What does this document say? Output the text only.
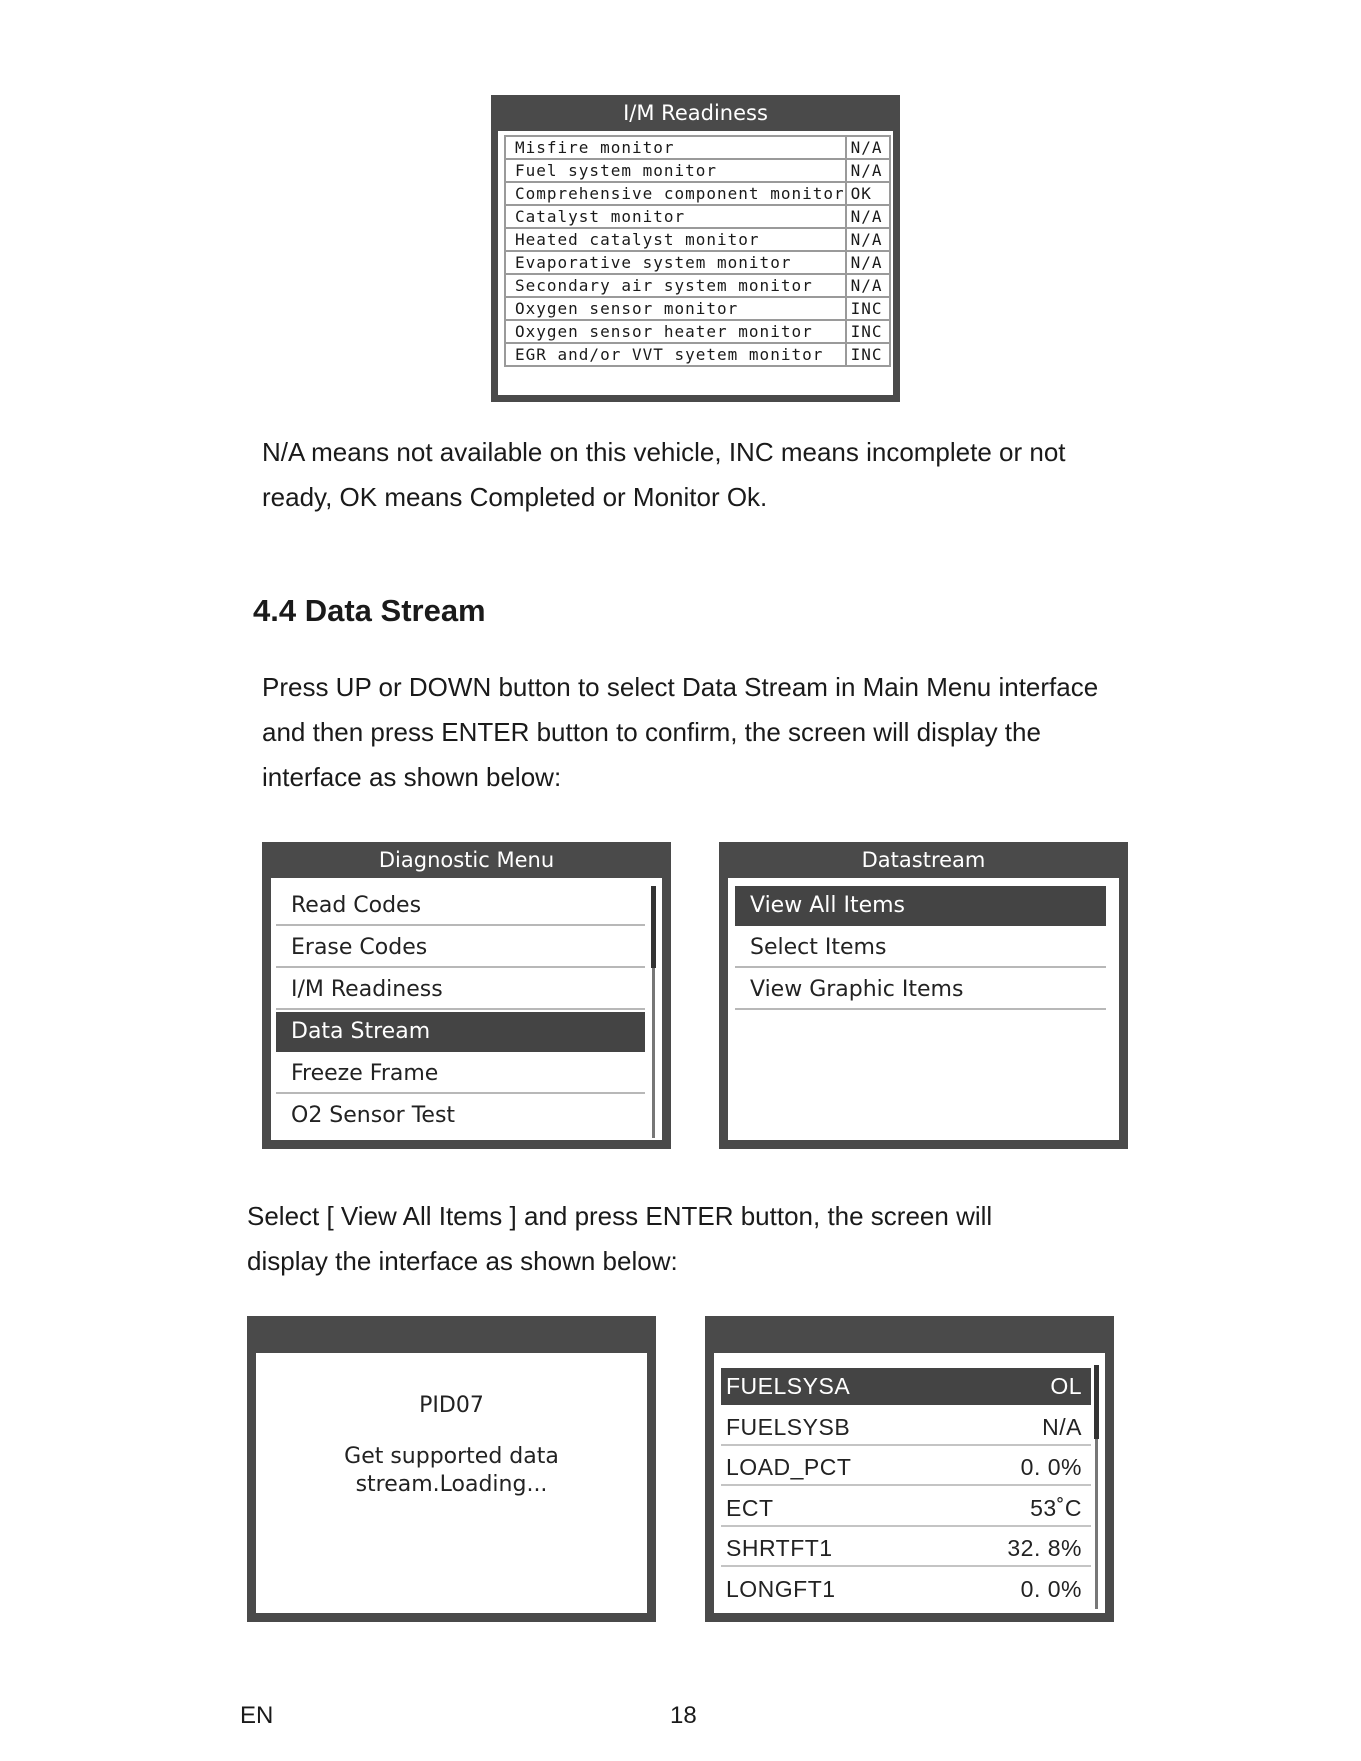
I/M Readiness
Misfire monitor	N/A
Fuel system monitor	N/A
Comprehensive component monitor	OK
Catalyst monitor	N/A
Heated catalyst monitor	N/A
Evaporative system monitor	N/A
Secondary air system monitor	N/A
Oxygen sensor monitor	INC
Oxygen sensor heater monitor	INC
EGR and/or VVT syetem monitor	INC
N/A means not available on this vehicle, INC means incomplete or not ready, OK means Completed or Monitor Ok.
4.4 Data Stream
Press UP or DOWN button to select Data Stream in Main Menu interface and then press ENTER button to confirm, the screen will display the interface as shown below:
Diagnostic Menu
Read Codes
Erase Codes
I/M Readiness
Data Stream
Freeze Frame
O2 Sensor Test
Datastream
View All Items
Select Items
View Graphic Items
Select [ View All Items ] and press ENTER button, the screen will display the interface as shown below:
PID07
Get supported data
stream.Loading...
FUELSYSA	OL
FUELSYSB	N/A
LOAD_PCT	0. 0%
ECT	53˚C
SHRTFT1	32. 8%
LONGFT1	0. 0%
EN	18
